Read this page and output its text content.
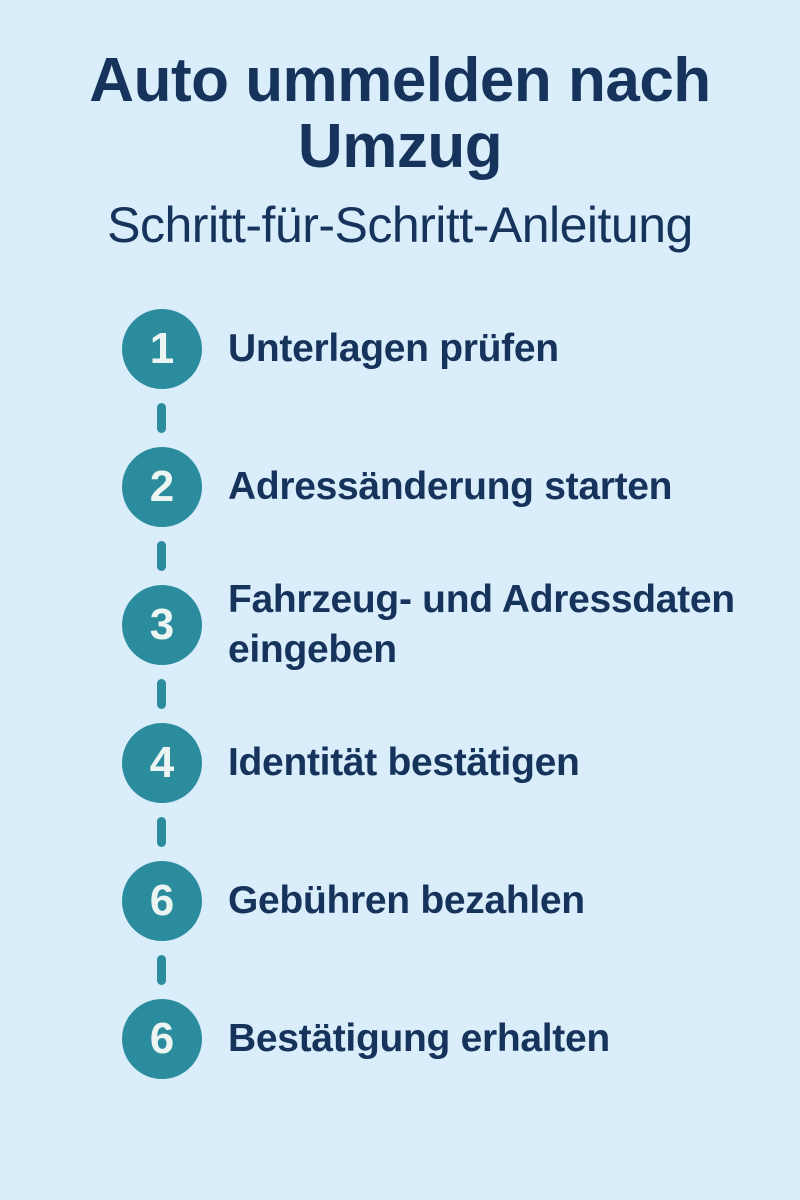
Auto ummelden nach
Umzug
Schritt-für-Schritt-Anleitung
1 Unterlagen prüfen
2 Adressänderung starten
3
Fahrzeug- und Adressdaten eingeben
4 Identität bestätigen
6 Gebühren bezahlen
6 Bestätigung erhalten
